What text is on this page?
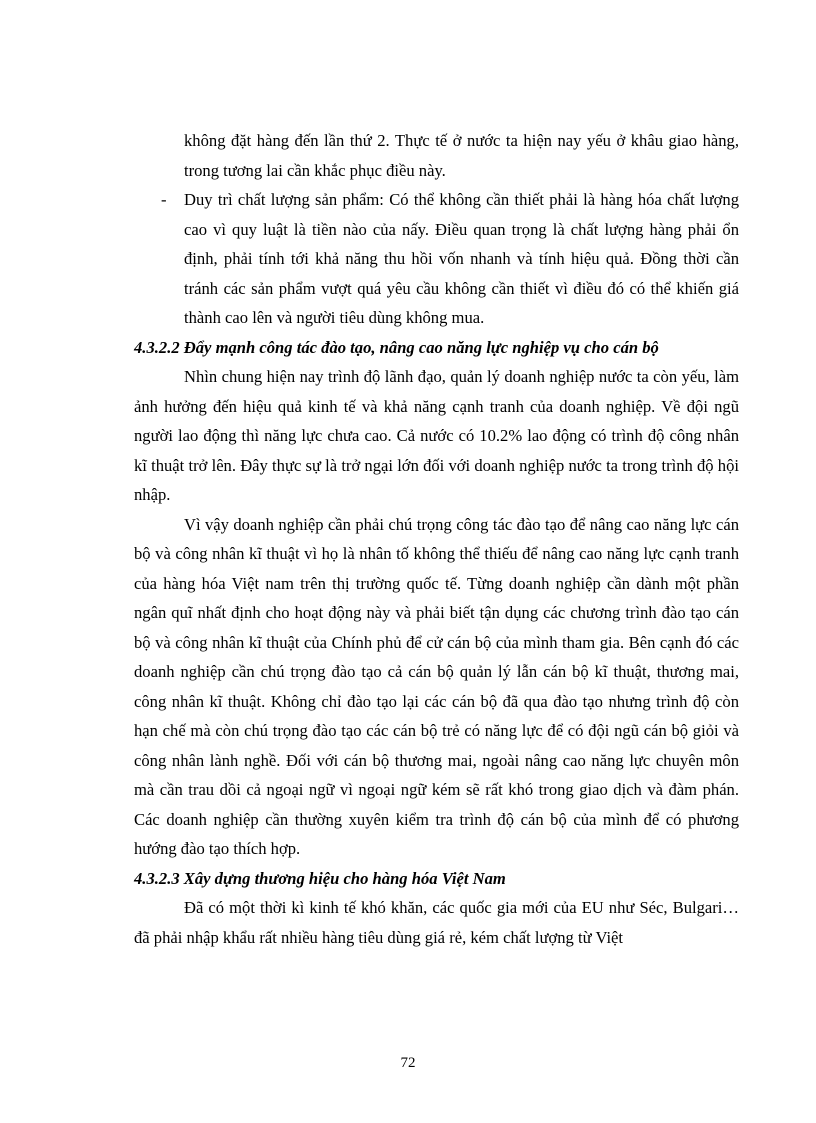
không đặt hàng đến lần thứ 2. Thực tế ở nước ta hiện nay yếu ở khâu giao hàng, trong tương lai cần khắc phục điều này.

- Duy trì chất lượng sản phẩm: Có thể không cần thiết phải là hàng hóa chất lượng cao vì quy luật là tiền nào của nấy. Điều quan trọng là chất lượng hàng phải ổn định, phải tính tới khả năng thu hồi vốn nhanh và tính hiệu quả. Đồng thời cần tránh các sản phẩm vượt quá yêu cầu không cần thiết vì điều đó có thể khiến giá thành cao lên và người tiêu dùng không mua.

4.3.2.2 Đẩy mạnh công tác đào tạo, nâng cao năng lực nghiệp vụ cho cán bộ

Nhìn chung hiện nay trình độ lãnh đạo, quản lý doanh nghiệp nước ta còn yếu, làm ảnh hưởng đến hiệu quả kinh tế và khả năng cạnh tranh của doanh nghiệp. Về đội ngũ người lao động thì năng lực chưa cao. Cả nước có 10.2% lao động có trình độ công nhân kĩ thuật trở lên. Đây thực sự là trở ngại lớn đối với doanh nghiệp nước ta trong trình độ hội nhập.

Vì vậy doanh nghiệp cần phải chú trọng công tác đào tạo để nâng cao năng lực cán bộ và công nhân kĩ thuật vì họ là nhân tố không thể thiếu để nâng cao năng lực cạnh tranh của hàng hóa Việt nam trên thị trường quốc tế. Từng doanh nghiệp cần dành một phần ngân quĩ nhất định cho hoạt động này và phải biết tận dụng các chương trình đào tạo cán bộ và công nhân kĩ thuật của Chính phủ để cử cán bộ của mình tham gia. Bên cạnh đó các doanh nghiệp cần chú trọng đào tạo cả cán bộ quản lý lẫn cán bộ kĩ thuật, thương mai, công nhân kĩ thuật. Không chỉ đào tạo lại các cán bộ đã qua đào tạo nhưng trình độ còn hạn chế mà còn chú trọng đào tạo các cán bộ trẻ có năng lực để có đội ngũ cán bộ giỏi và công nhân lành nghề. Đối với cán bộ thương mai, ngoài nâng cao năng lực chuyên môn mà cần trau dồi cả ngoại ngữ vì ngoại ngữ kém sẽ rất khó trong giao dịch và đàm phán. Các doanh nghiệp cần thường xuyên kiểm tra trình độ cán bộ của mình để có phương hướng đào tạo thích hợp.

4.3.2.3 Xây dựng thương hiệu cho hàng hóa Việt Nam

Đã có một thời kì kinh tế khó khăn, các quốc gia mới của EU như Séc, Bulgari… đã phải nhập khẩu rất nhiều hàng tiêu dùng giá rẻ, kém chất lượng từ Việt

72
